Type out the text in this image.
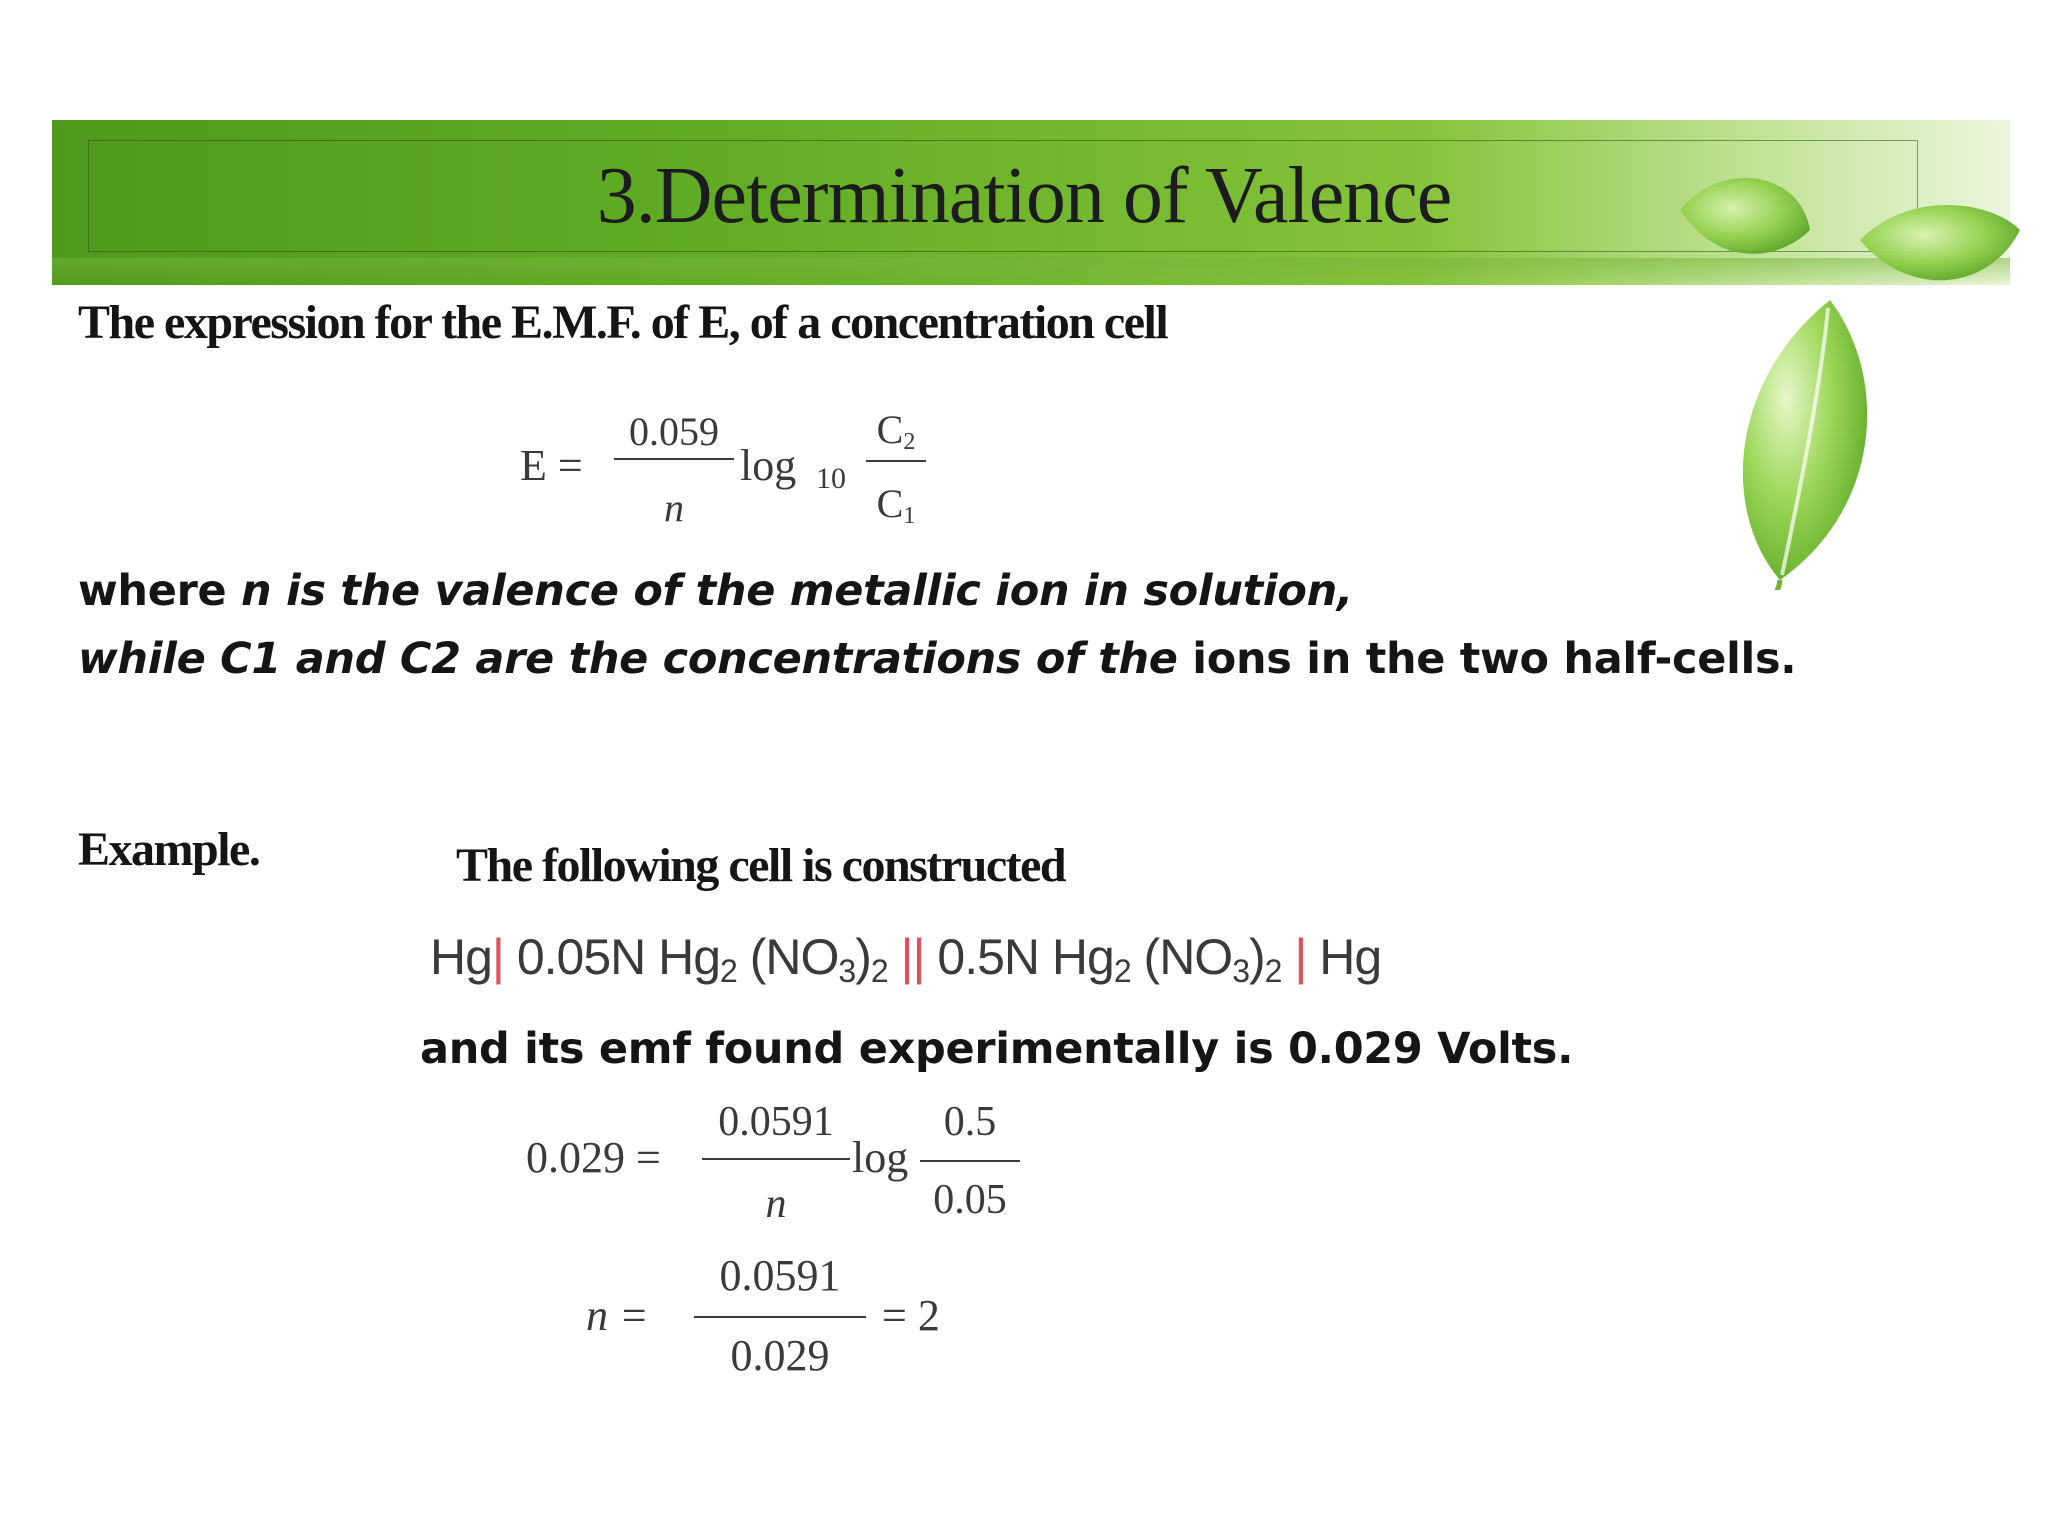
3.Determination of Valence
The expression for the E.M.F. of E, of a concentration cell
E =
0.059
n
log 10
C2
C1
where n is the valence of the metallic ion in solution,
while C1 and C2 are the concentrations of the ions in the two half-cells.
Example.	The following cell is constructed
Hg| 0.05N $Hg_2$ $(NO_3)_2$ || 0.5N $Hg_2$ $(NO_3)_2$ | Hg
and its emf found experimentally is 0.029 Volts.
0.029 =
0.0591
n
log
0.5
0.05
n =
0.0591
0.029
= 2
